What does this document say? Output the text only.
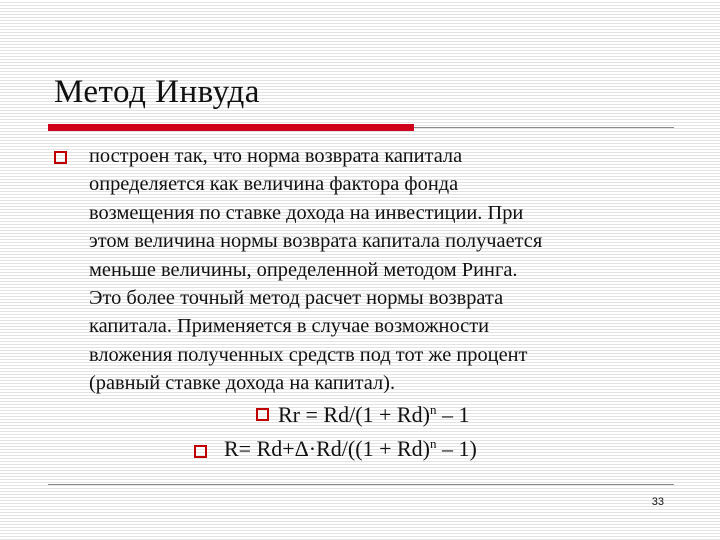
Метод Инвуда
построен так, что норма возврата капитала
определяется как величина фактора фонда
возмещения по ставке дохода на инвестиции. При
этом величина нормы возврата капитала получается
меньше величины, определенной методом Ринга.
Это более точный метод расчет нормы возврата
капитала. Применяется в случае возможности
вложения полученных средств под тот же процент
(равный ставке дохода на капитал).
$Rr = Rd/(1 + Rd)^n - 1$
$R= Rd+\Delta\cdot Rd/((1 + Rd)^n - 1)$
33
